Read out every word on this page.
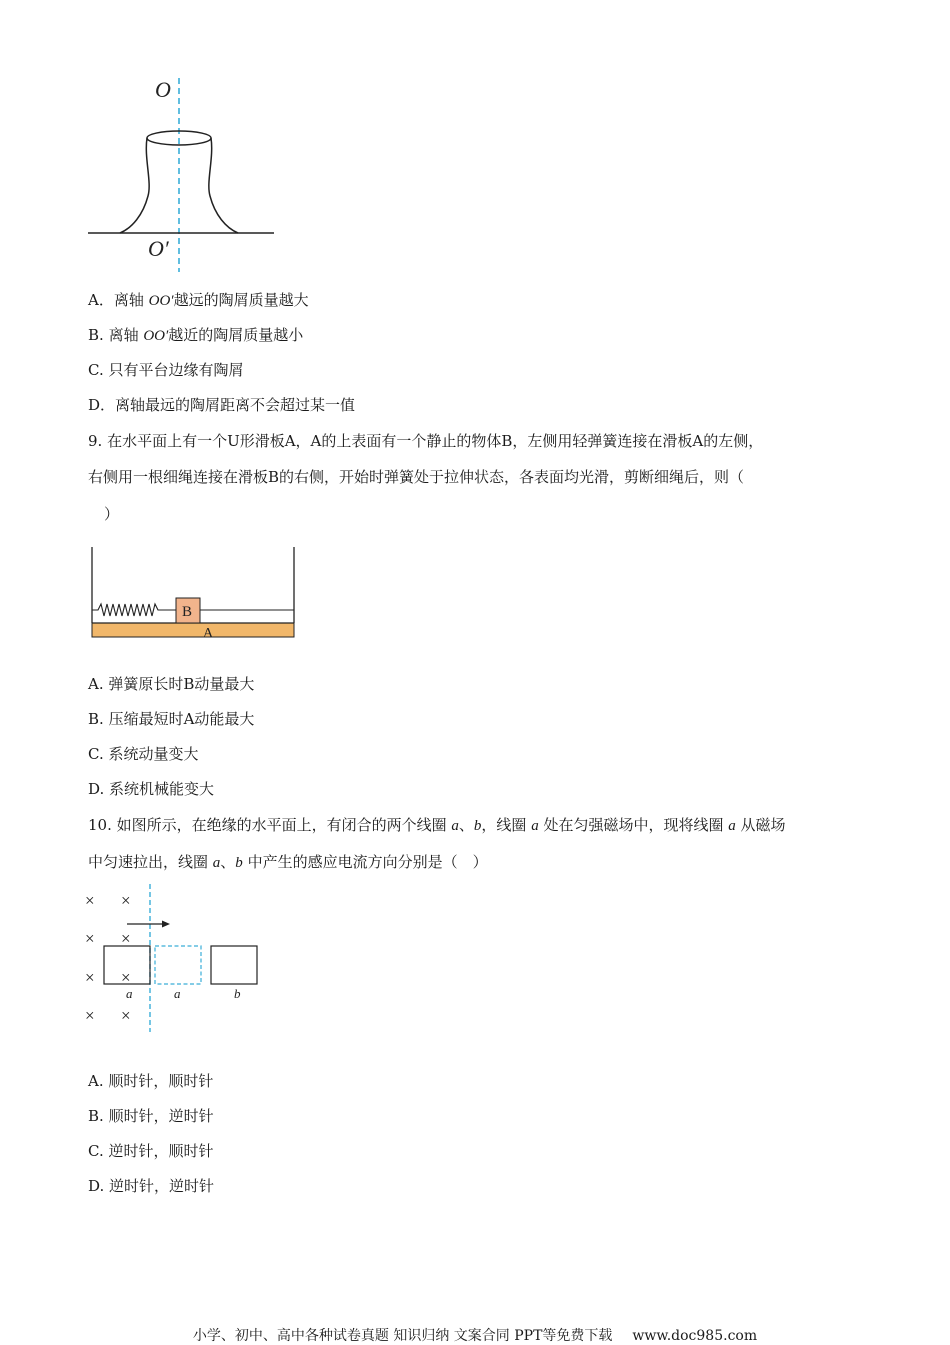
O
O′
A．离轴 OO′越远的陶屑质量越大
B. 离轴 OO′越近的陶屑质量越小
C. 只有平台边缘有陶屑
D．离轴最远的陶屑距离不会超过某一值
9. 在水平面上有一个U形滑板A，A的上表面有一个静止的物体B，左侧用轻弹簧连接在滑板A的左侧，
右侧用一根细绳连接在滑板B的右侧，开始时弹簧处于拉伸状态，各表面均光滑，剪断细绳后，则（
）
B
A
A. 弹簧原长时B动量最大
B. 压缩最短时A动能最大
C. 系统动量变大
D. 系统机械能变大
10. 如图所示，在绝缘的水平面上，有闭合的两个线圈 a、b，线圈 a 处在匀强磁场中，现将线圈 a 从磁场
中匀速拉出，线圈 a、b 中产生的感应电流方向分别是（　）
× ×
× ×
× ×
× ×
a	a	b
A. 顺时针，顺时针
B. 顺时针，逆时针
C. 逆时针，顺时针
D. 逆时针，逆时针
小学、初中、高中各种试卷真题 知识归纳 文案合同 PPT等免费下载 www.doc985.com
